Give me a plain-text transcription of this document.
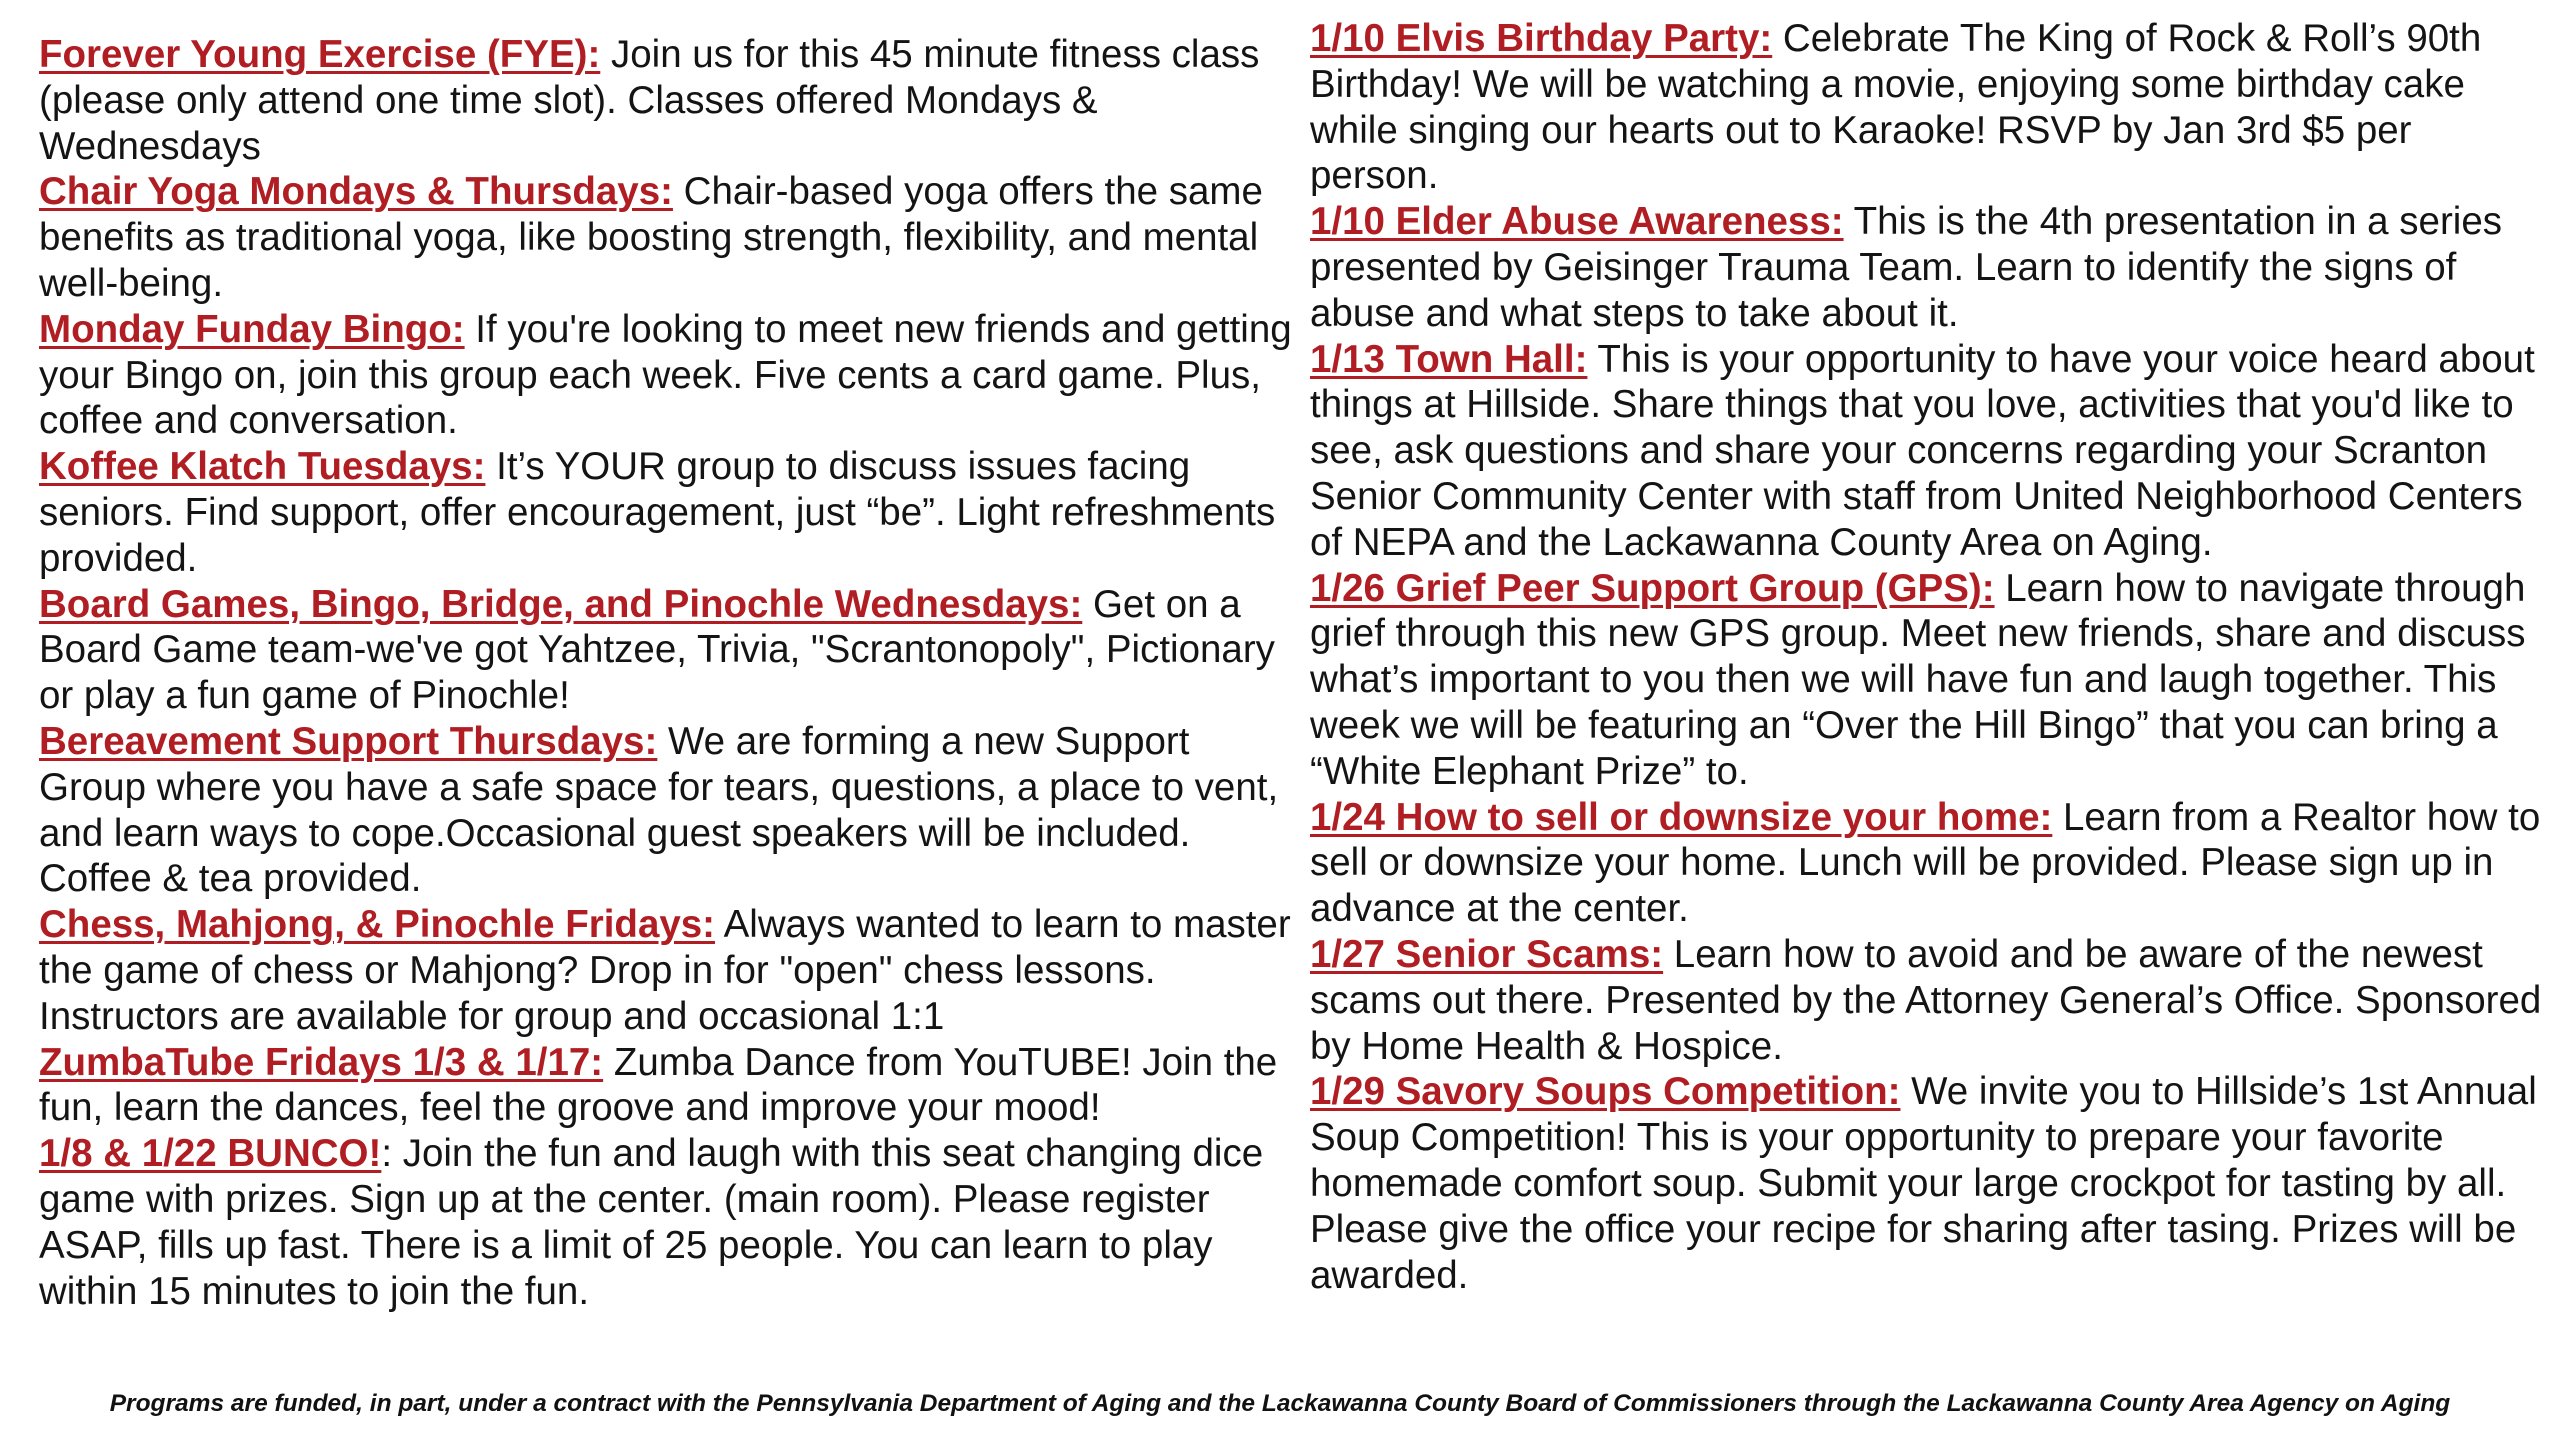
Forever Young Exercise (FYE): Join us for this 45 minute fitness class (please only attend one time slot). Classes offered Mondays & Wednesdays

Chair Yoga Mondays & Thursdays: Chair-based yoga offers the same benefits as traditional yoga, like boosting strength, flexibility, and mental well-being.

Monday Funday Bingo: If you're looking to meet new friends and getting your Bingo on, join this group each week. Five cents a card game. Plus, coffee and conversation.

Koffee Klatch Tuesdays: It’s YOUR group to discuss issues facing seniors. Find support, offer encouragement, just “be”. Light refreshments provided.

Board Games, Bingo, Bridge, and Pinochle Wednesdays: Get on a Board Game team-we've got Yahtzee, Trivia, "Scrantonopoly", Pictionary or play a fun game of Pinochle!

Bereavement Support Thursdays: We are forming a new Support Group where you have a safe space for tears, questions, a place to vent, and learn ways to cope.Occasional guest speakers will be included. Coffee & tea provided.

Chess, Mahjong, & Pinochle Fridays: Always wanted to learn to master the game of chess or Mahjong? Drop in for "open" chess lessons. Instructors are available for group and occasional 1:1

ZumbaTube Fridays 1/3 & 1/17: Zumba Dance from YouTUBE! Join the fun, learn the dances, feel the groove and improve your mood!

1/8 & 1/22 BUNCO!: Join the fun and laugh with this seat changing dice game with prizes. Sign up at the center. (main room). Please register ASAP, fills up fast. There is a limit of 25 people. You can learn to play within 15 minutes to join the fun.

1/10 Elvis Birthday Party: Celebrate The King of Rock & Roll’s 90th Birthday! We will be watching a movie, enjoying some birthday cake while singing our hearts out to Karaoke! RSVP by Jan 3rd $5 per person.

1/10 Elder Abuse Awareness: This is the 4th presentation in a series presented by Geisinger Trauma Team. Learn to identify the signs of abuse and what steps to take about it.

1/13 Town Hall: This is your opportunity to have your voice heard about things at Hillside. Share things that you love, activities that you'd like to see, ask questions and share your concerns regarding your Scranton Senior Community Center with staff from United Neighborhood Centers of NEPA and the Lackawanna County Area on Aging.

1/26 Grief Peer Support Group (GPS): Learn how to navigate through grief through this new GPS group. Meet new friends, share and discuss what’s important to you then we will have fun and laugh together. This week we will be featuring an “Over the Hill Bingo” that you can bring a “White Elephant Prize” to.

1/24 How to sell or downsize your home: Learn from a Realtor how to sell or downsize your home. Lunch will be provided. Please sign up in advance at the center.

1/27 Senior Scams: Learn how to avoid and be aware of the newest scams out there. Presented by the Attorney General’s Office. Sponsored by Home Health & Hospice.

1/29 Savory Soups Competition: We invite you to Hillside’s 1st Annual Soup Competition! This is your opportunity to prepare your favorite homemade comfort soup. Submit your large crockpot for tasting by all. Please give the office your recipe for sharing after tasing. Prizes will be awarded.

Programs are funded, in part, under a contract with the Pennsylvania Department of Aging and the Lackawanna County Board of Commissioners through the Lackawanna County Area Agency on Aging
